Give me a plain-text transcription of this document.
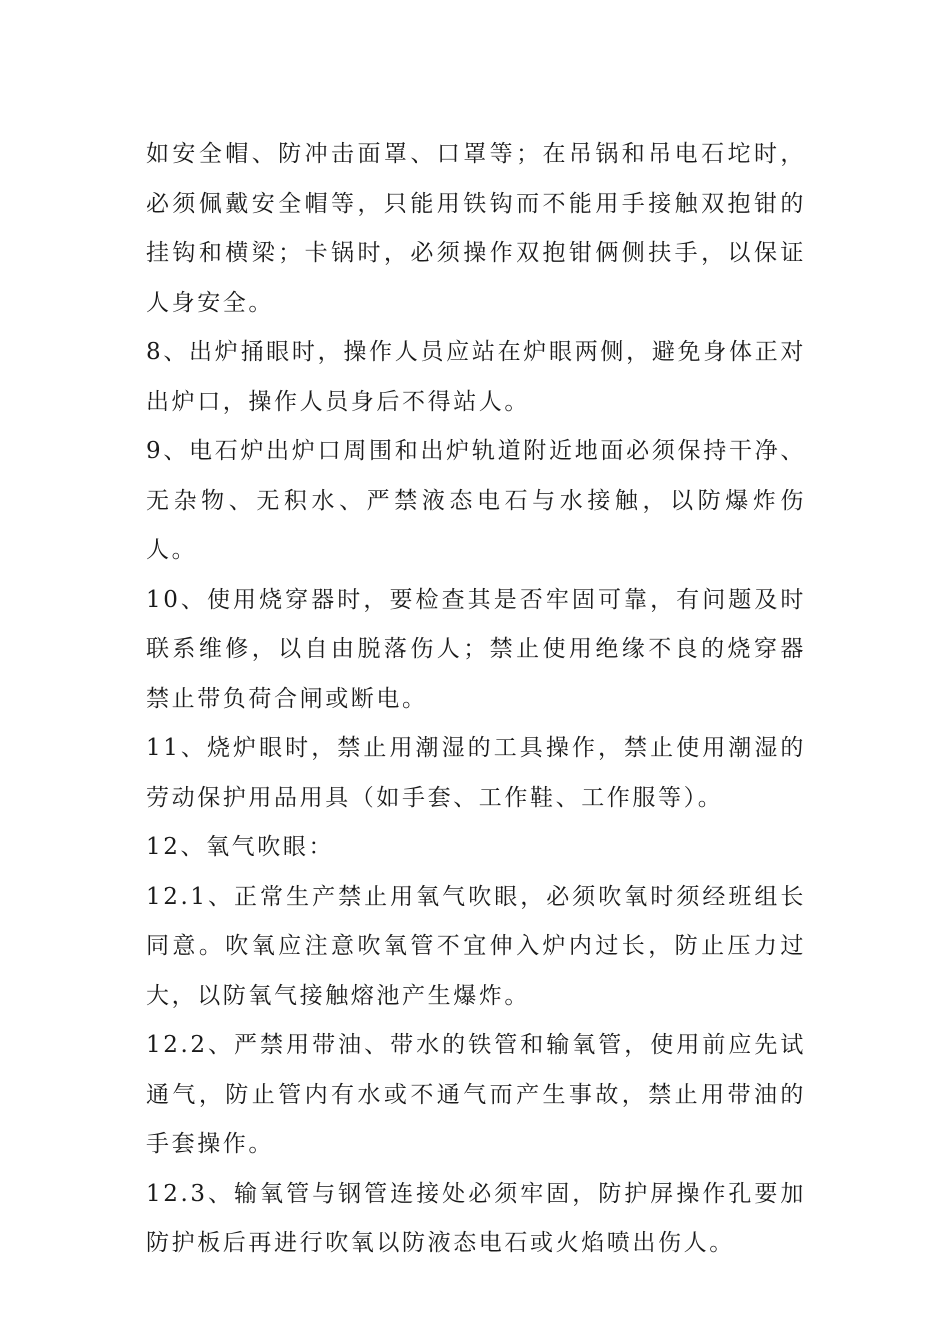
如安全帽、防冲击面罩、口罩等；在吊锅和吊电石坨时，必须佩戴安全帽等，只能用铁钩而不能用手接触双抱钳的挂钩和横梁；卡锅时，必须操作双抱钳俩侧扶手，以保证人身安全。

8、出炉捅眼时，操作人员应站在炉眼两侧，避免身体正对出炉口，操作人员身后不得站人。

9、电石炉出炉口周围和出炉轨道附近地面必须保持干净、无杂物、无积水、严禁液态电石与水接触，以防爆炸伤人。

10、使用烧穿器时，要检查其是否牢固可靠，有问题及时联系维修，以自由脱落伤人；禁止使用绝缘不良的烧穿器禁止带负荷合闸或断电。

11、烧炉眼时，禁止用潮湿的工具操作，禁止使用潮湿的劳动保护用品用具（如手套、工作鞋、工作服等）。

12、氧气吹眼：

12.1、正常生产禁止用氧气吹眼，必须吹氧时须经班组长同意。吹氧应注意吹氧管不宜伸入炉内过长，防止压力过大，以防氧气接触熔池产生爆炸。

12.2、严禁用带油、带水的铁管和输氧管，使用前应先试通气，防止管内有水或不通气而产生事故，禁止用带油的手套操作。

12.3、输氧管与钢管连接处必须牢固，防护屏操作孔要加防护板后再进行吹氧以防液态电石或火焰喷出伤人。
